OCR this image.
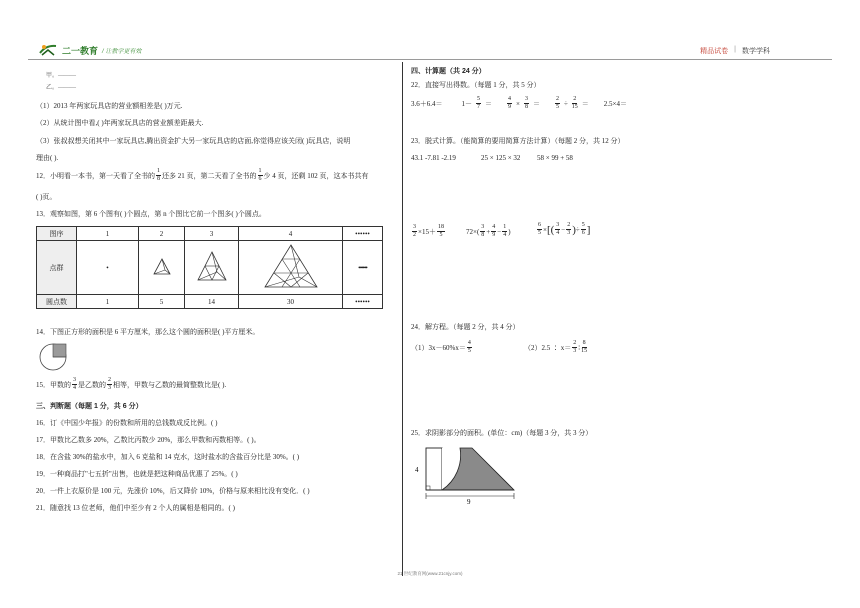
二一教育 / 让教学更有效	精品试卷 | 数学学科
甲。———
乙。———
（1）2013 年两家玩具店的营业额相差是( )万元.
（2）从统计图中看,( )年两家玩具店的营业额差距最大.
（3）张叔叔想关闭其中一家玩具店,腾出资金扩大另一家玩具店的店面,你觉得应该关闭( )玩具店，说明
理由( ).
12．小明看一本书，第一天看了全书的 $\frac{1}{8}$ 还多 21 页，第二天看了全书的 $\frac{1}{6}$ 少 4 页，还剩 102 页，这本书共有
( )页。
13．观察如图，第 6 个图有( )个圆点，第 n 个图比它前一个图多( )个圆点。
图序	1	2	3	4	••••••
点群	•				••••••
圆点数	1	5	14	30	••••••
14．下图正方形的面积是 6 平方厘米，那么这个圆的面积是( )平方厘米。
15．甲数的 $\frac{3}{4}$ 是乙数的 $\frac{2}{3}$ 相等，甲数与乙数的最简整数比是( ).
三、判断题（每题 1 分，共 6 分）
16．订《中国少年报》的份数和所用的总钱数成反比例。( )
17．甲数比乙数多 20%，乙数比丙数少 20%，那么甲数和丙数相等。( )。
18．在含盐 30%的盐水中，加入 6 克盐和 14 克水，这时盐水的含盐百分比是 30%。( )
19．一种商品打"七五折"出售，也就是把这种商品优惠了 25%。( )
20．一件上衣原价是 100 元，先涨价 10%，后又降价 10%，价格与原来相比没有变化．( )
21．随意找 13 位老师，他们中至少有 2 个人的属相是相同的。( )
四、计算题（共 24 分）
22．直接写出得数。（每题 1 分，共 5 分）
3.6＋6.4＝	$1- \frac{5}{7}$ ＝	$\frac{4}{9} \times \frac{3}{8}$ ＝	$\frac{2}{5} \div \frac{2}{15} = 2.5\times 4=$
23．脱式计算。（能简算的要用简算方法计算）（每题 2 分，共 12 分）
43.1 -7.81 -2.19	25 × 125 × 32 58 × 99 + 58
$\frac{3}{2} \times 15+ \frac{18}{5}$	$72\times( \frac{3}{8} + \frac{4}{9} - \frac{1}{4}$ )	$\frac{6}{5}$ × [ ( $\frac{3}{4} - \frac{2}{3}$ ) ÷ $\frac{5}{6}$ ]
24．解方程。（每题 2 分，共 4 分）
$(1)3x-60\%x= \frac{4}{5}$	（2）2.5 ∶ $x= \frac{2}{3}$ ∶ $\frac{8}{15}$
25．求阴影部分的面积。(单位：cm)（每题 3 分，共 3 分）
4
9
21 世纪教育网(www.21cnjy.com)
